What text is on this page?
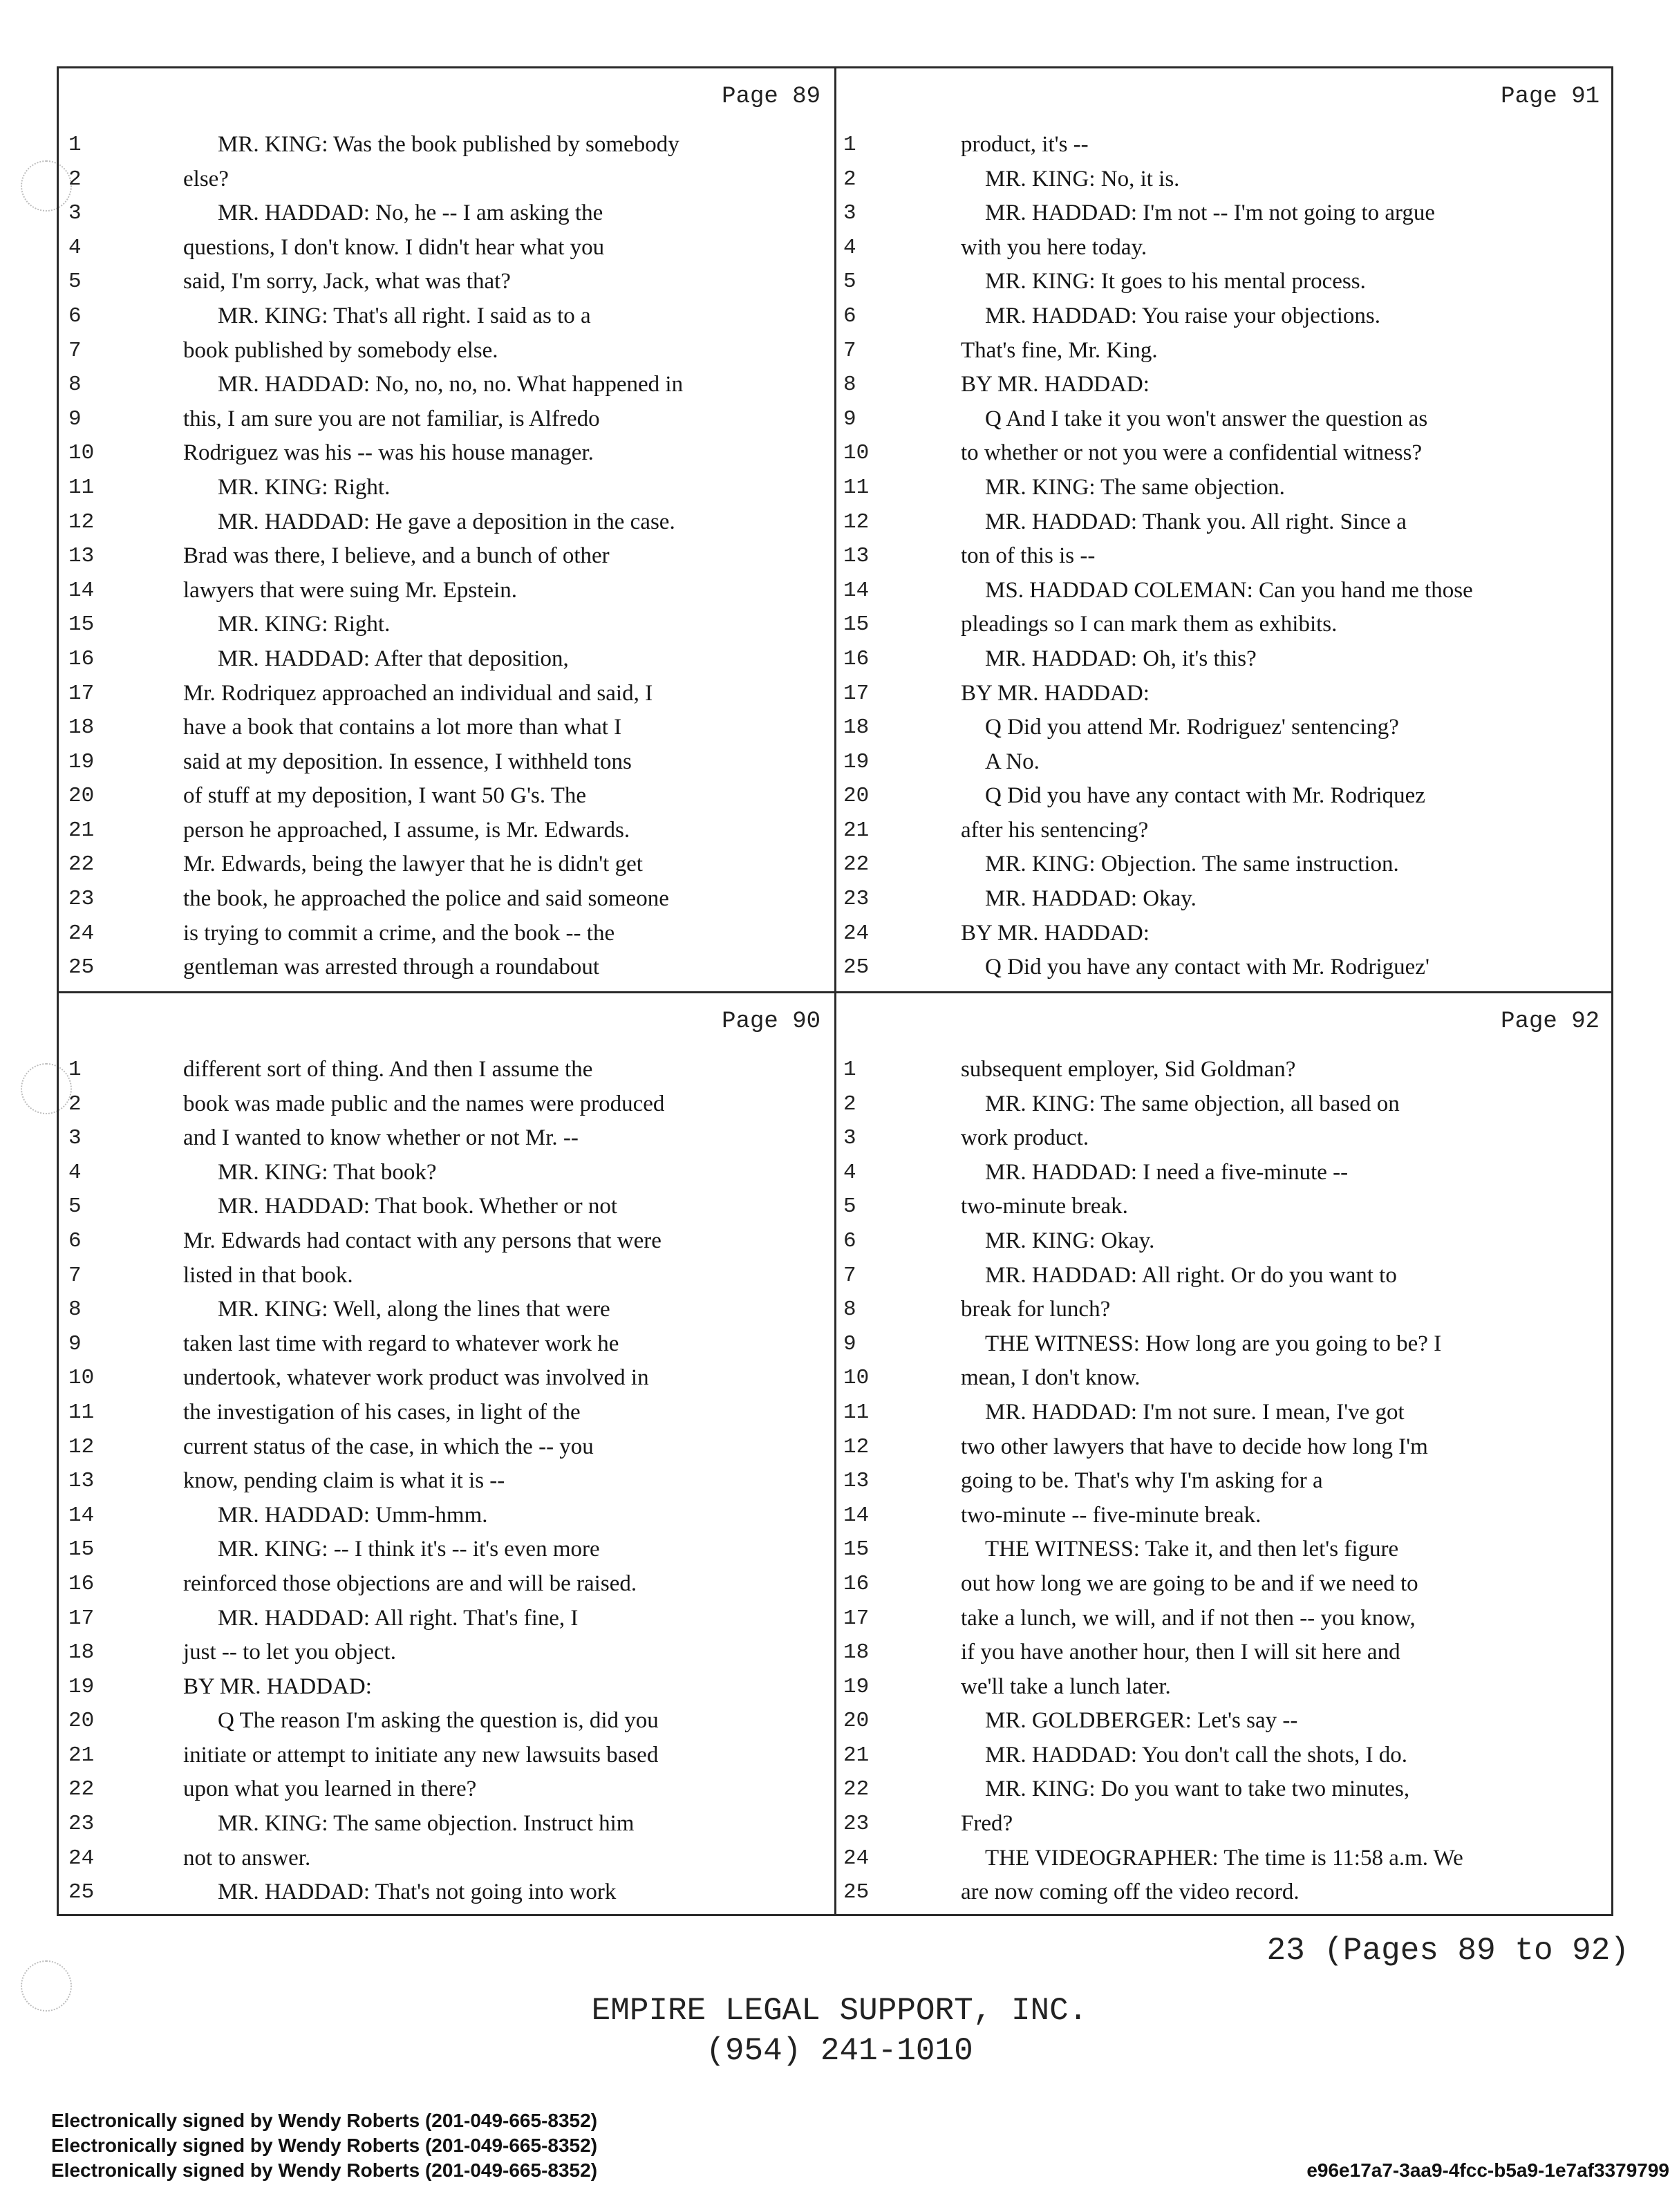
Page 89
1	MR. KING: Was the book published by somebody
2	else?
3	MR. HADDAD: No, he -- I am asking the
4	questions, I don't know. I didn't hear what you
5	said, I'm sorry, Jack, what was that?
6	MR. KING: That's all right. I said as to a
7	book published by somebody else.
8	MR. HADDAD: No, no, no, no. What happened in
9	this, I am sure you are not familiar, is Alfredo
10	Rodriguez was his -- was his house manager.
11	MR. KING: Right.
12	MR. HADDAD: He gave a deposition in the case.
13	Brad was there, I believe, and a bunch of other
14	lawyers that were suing Mr. Epstein.
15	MR. KING: Right.
16	MR. HADDAD: After that deposition,
17	Mr. Rodriquez approached an individual and said, I
18	have a book that contains a lot more than what I
19	said at my deposition. In essence, I withheld tons
20	of stuff at my deposition, I want 50 G's. The
21	person he approached, I assume, is Mr. Edwards.
22	Mr. Edwards, being the lawyer that he is didn't get
23	the book, he approached the police and said someone
24	is trying to commit a crime, and the book -- the
25	gentleman was arrested through a roundabout
Page 91
1	product, it's --
2	MR. KING: No, it is.
3	MR. HADDAD: I'm not -- I'm not going to argue
4	with you here today.
5	MR. KING: It goes to his mental process.
6	MR. HADDAD: You raise your objections.
7	That's fine, Mr. King.
8	BY MR. HADDAD:
9	Q And I take it you won't answer the question as
10	to whether or not you were a confidential witness?
11	MR. KING: The same objection.
12	MR. HADDAD: Thank you. All right. Since a
13	ton of this is --
14	MS. HADDAD COLEMAN: Can you hand me those
15	pleadings so I can mark them as exhibits.
16	MR. HADDAD: Oh, it's this?
17	BY MR. HADDAD:
18	Q Did you attend Mr. Rodriguez' sentencing?
19	A No.
20	Q Did you have any contact with Mr. Rodriquez
21	after his sentencing?
22	MR. KING: Objection. The same instruction.
23	MR. HADDAD: Okay.
24	BY MR. HADDAD:
25	Q Did you have any contact with Mr. Rodriguez'
Page 90
1	different sort of thing. And then I assume the
2	book was made public and the names were produced
3	and I wanted to know whether or not Mr. --
4	MR. KING: That book?
5	MR. HADDAD: That book. Whether or not
6	Mr. Edwards had contact with any persons that were
7	listed in that book.
8	MR. KING: Well, along the lines that were
9	taken last time with regard to whatever work he
10	undertook, whatever work product was involved in
11	the investigation of his cases, in light of the
12	current status of the case, in which the -- you
13	know, pending claim is what it is --
14	MR. HADDAD: Umm-hmm.
15	MR. KING: -- I think it's -- it's even more
16	reinforced those objections are and will be raised.
17	MR. HADDAD: All right. That's fine, I
18	just -- to let you object.
19	BY MR. HADDAD:
20	Q The reason I'm asking the question is, did you
21	initiate or attempt to initiate any new lawsuits based
22	upon what you learned in there?
23	MR. KING: The same objection. Instruct him
24	not to answer.
25	MR. HADDAD: That's not going into work
Page 92
1	subsequent employer, Sid Goldman?
2	MR. KING: The same objection, all based on
3	work product.
4	MR. HADDAD: I need a five-minute --
5	two-minute break.
6	MR. KING: Okay.
7	MR. HADDAD: All right. Or do you want to
8	break for lunch?
9	THE WITNESS: How long are you going to be? I
10	mean, I don't know.
11	MR. HADDAD: I'm not sure. I mean, I've got
12	two other lawyers that have to decide how long I'm
13	going to be. That's why I'm asking for a
14	two-minute -- five-minute break.
15	THE WITNESS: Take it, and then let's figure
16	out how long we are going to be and if we need to
17	take a lunch, we will, and if not then -- you know,
18	if you have another hour, then I will sit here and
19	we'll take a lunch later.
20	MR. GOLDBERGER: Let's say --
21	MR. HADDAD: You don't call the shots, I do.
22	MR. KING: Do you want to take two minutes,
23	Fred?
24	THE VIDEOGRAPHER: The time is 11:58 a.m. We
25	are now coming off the video record.
23 (Pages 89 to 92)
EMPIRE LEGAL SUPPORT, INC.
(954) 241-1010
Electronically signed by Wendy Roberts (201-049-665-8352)
Electronically signed by Wendy Roberts (201-049-665-8352)
Electronically signed by Wendy Roberts (201-049-665-8352)	e96e17a7-3aa9-4fcc-b5a9-1e7af3379799
